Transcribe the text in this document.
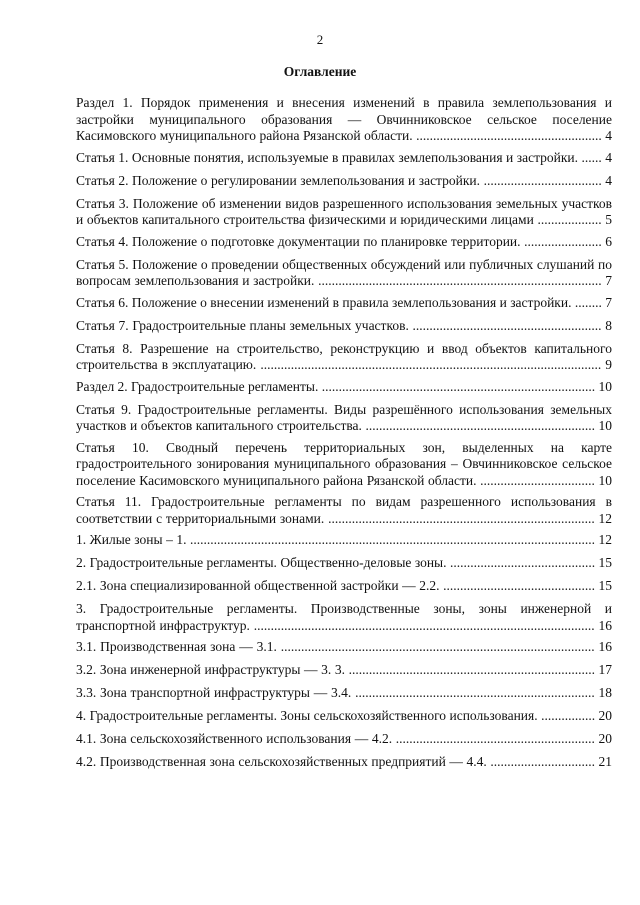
2
Оглавление
Раздел 1. Порядок применения и внесения изменений в правила землепользования и застройки муниципального образования — Овчинниковское сельское поселение Касимовского муниципального района Рязанской области. ....................................................... 4
Статья 1. Основные понятия, используемые в правилах землепользования и застройки. ...... 4
Статья 2. Положение о регулировании землепользования и застройки. ................................... 4
Статья 3. Положение об изменении видов разрешенного использования земельных участков и объектов капитального строительства физическими и юридическими лицами ................... 5
Статья 4. Положение о подготовке документации по планировке территории. ....................... 6
Статья 5. Положение о проведении общественных обсуждений или публичных слушаний по вопросам землепользования и застройки. .................................................................................... 7
Статья 6. Положение о внесении изменений в правила землепользования и застройки. ........ 7
Статья 7. Градостроительные планы земельных участков. ........................................................ 8
Статья 8. Разрешение на строительство, реконструкцию и ввод объектов капитального строительства в эксплуатацию. ..................................................................................................... 9
Раздел 2. Градостроительные регламенты. ................................................................................. 10
Статья 9. Градостроительные регламенты. Виды разрешённого использования земельных участков и объектов капитального строительства. .................................................................... 10
Статья 10. Сводный перечень территориальных зон, выделенных на карте градостроительного зонирования муниципального образования – Овчинниковское сельское поселение Касимовского муниципального района Рязанской области. .................................. 10
Статья 11. Градостроительные регламенты по видам разрешенного использования в соответствии с территориальными зонами. ............................................................................... 12
1. Жилые зоны – 1. ........................................................................................................................ 12
2. Градостроительные регламенты. Общественно-деловые зоны. ........................................... 15
2.1. Зона специализированной общественной застройки — 2.2. ............................................. 15
3. Градостроительные регламенты. Производственные зоны, зоны инженерной и транспортной инфраструктур. ..................................................................................................... 16
3.1. Производственная зона — 3.1. ............................................................................................. 16
3.2. Зона инженерной инфраструктуры — 3. 3. ......................................................................... 17
3.3. Зона транспортной инфраструктуры — 3.4. ....................................................................... 18
4. Градостроительные регламенты. Зоны сельскохозяйственного использования. ................ 20
4.1. Зона сельскохозяйственного использования — 4.2. ........................................................... 20
4.2. Производственная зона сельскохозяйственных предприятий — 4.4. ............................... 21
